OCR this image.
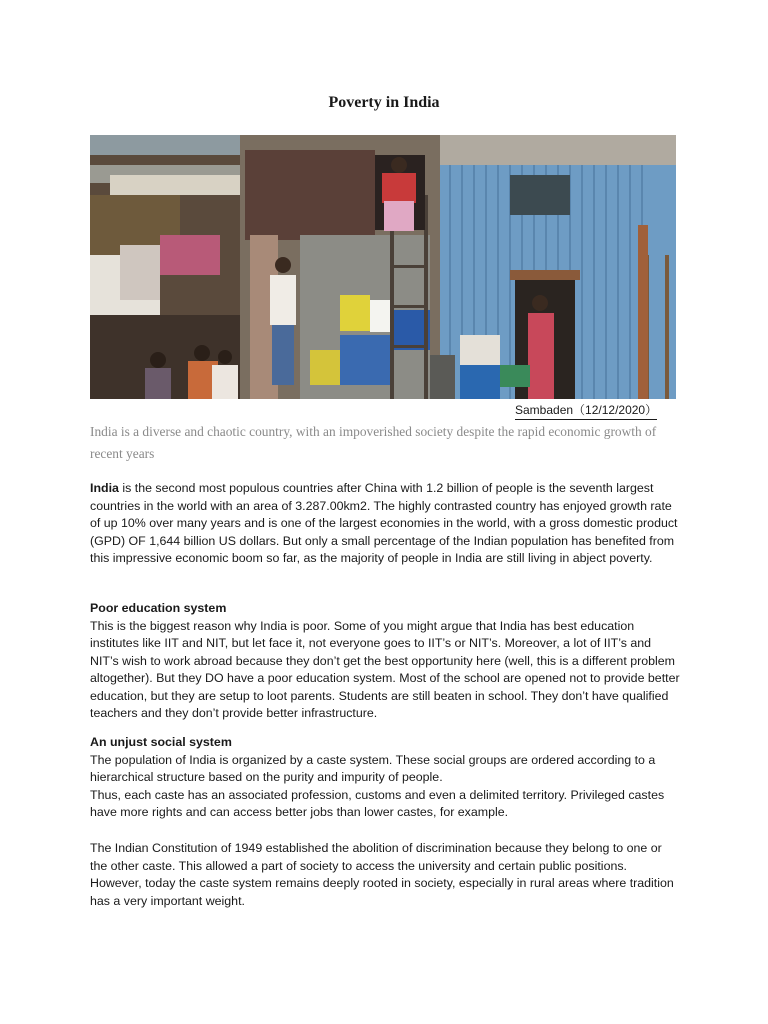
Poverty in India
Sambaden（12/12/2020）
India is a diverse and chaotic country, with an impoverished society despite the rapid economic growth of recent years

India is the second most populous countries after China with 1.2 billion of people is the seventh largest countries in the world with an area of 3.287.00km2. The highly contrasted country has enjoyed growth rate of up 10% over many years and is one of the largest economies in the world, with a gross domestic product (GPD) OF 1,644 billion US dollars. But only a small percentage of the Indian population has benefited from this impressive economic boom so far, as the majority of people in India are still living in abject poverty.

Poor education system
This is the biggest reason why India is poor. Some of you might argue that India has best education institutes like IIT and NIT, but let face it, not everyone goes to IIT’s or NIT’s. Moreover, a lot of IIT’s and NIT’s wish to work abroad because they don’t get the best opportunity here (well, this is a different problem altogether). But they DO have a poor education system. Most of the school are opened not to provide better education, but they are setup to loot parents. Students are still beaten in school. They don’t have qualified teachers and they don’t provide better infrastructure.
An unjust social system
The population of India is organized by a caste system. These social groups are ordered according to a hierarchical structure based on the purity and impurity of people.
Thus, each caste has an associated profession, customs and even a delimited territory. Privileged castes have more rights and can access better jobs than lower castes, for example.

The Indian Constitution of 1949 established the abolition of discrimination because they belong to one or the other caste. This allowed a part of society to access the university and certain public positions. However, today the caste system remains deeply rooted in society, especially in rural areas where tradition has a very important weight.
